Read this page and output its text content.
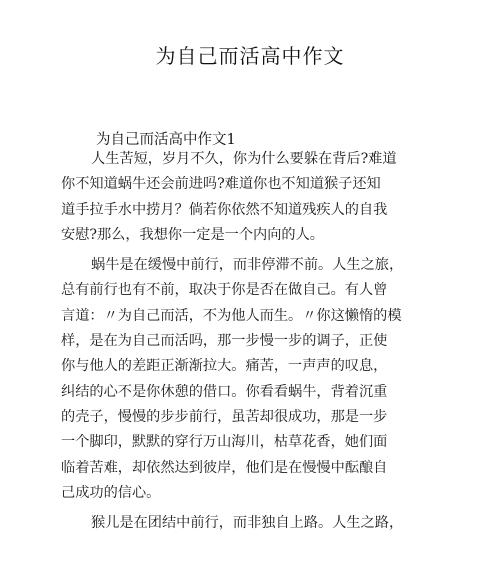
为自己而活高中作文
为自己而活高中作文1
人生苦短，岁月不久，你为什么要躲在背后?难道
你不知道蜗牛还会前进吗?难道你也不知道猴子还知
道手拉手水中捞月？倘若你依然不知道残疾人的自我
安慰?那么，我想你一定是一个内向的人。
蜗牛是在缓慢中前行，而非停滞不前。人生之旅，
总有前行也有不前，取决于你是否在做自己。有人曾
言道：〃为自己而活，不为他人而生。〃你这懒惰的模
样，是在为自己而活吗，那一步慢一步的调子，正使
你与他人的差距正渐渐拉大。痛苦，一声声的叹息，
纠结的心不是你休憩的借口。你看看蜗牛，背着沉重
的壳子，慢慢的步步前行，虽苦却很成功，那是一步
一个脚印，默默的穿行万山海川，枯草花香，她们面
临着苦难，却依然达到彼岸，他们是在慢慢中酝酿自
己成功的信心。
猴儿是在团结中前行，而非独自上路。人生之路，
